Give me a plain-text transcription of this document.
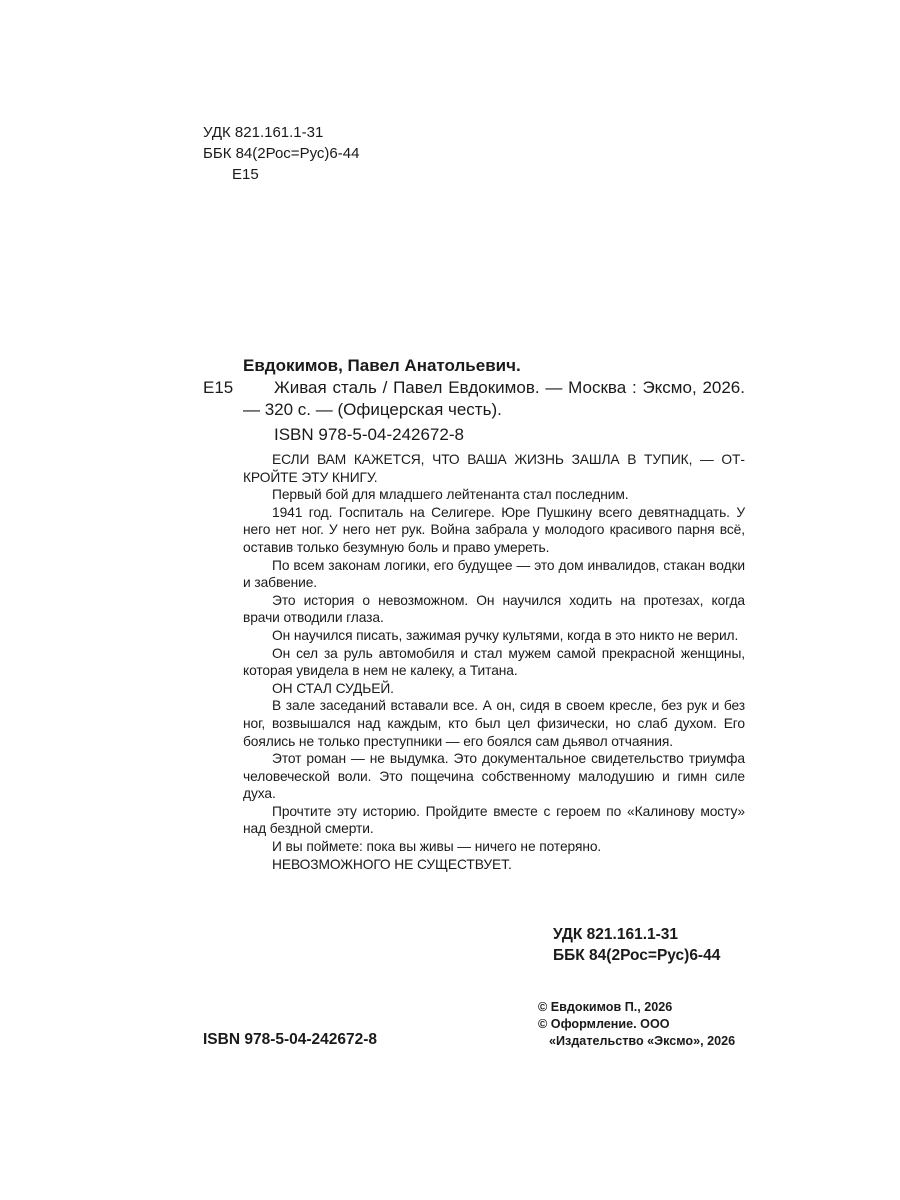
УДК 821.161.1-31
ББК 84(2Рос=Рус)6-44
Е15
Евдокимов, Павел Анатольевич.
Е15	Живая сталь / Павел Евдокимов. — Москва : Эксмо, 2026. — 320 с. — (Офицерская честь).
ISBN 978-5-04-242672-8

ЕСЛИ ВАМ КАЖЕТСЯ, ЧТО ВАША ЖИЗНЬ ЗАШЛА В ТУПИК, — ОТКРОЙТЕ ЭТУ КНИГУ.

Первый бой для младшего лейтенанта стал последним.

1941 год. Госпиталь на Селигере. Юре Пушкину всего девятнадцать. У него нет ног. У него нет рук. Война забрала у молодого красивого парня всё, оставив только безумную боль и право умереть.

По всем законам логики, его будущее — это дом инвалидов, стакан водки и забвение.

Это история о невозможном. Он научился ходить на протезах, когда врачи отводили глаза.

Он научился писать, зажимая ручку культями, когда в это никто не верил.

Он сел за руль автомобиля и стал мужем самой прекрасной женщины, которая увидела в нем не калеку, а Титана.

ОН СТАЛ СУДЬЕЙ.

В зале заседаний вставали все. А он, сидя в своем кресле, без рук и без ног, возвышался над каждым, кто был цел физически, но слаб духом. Его боялись не только преступники — его боялся сам дьявол отчаяния.

Этот роман — не выдумка. Это документальное свидетельство триумфа человеческой воли. Это пощечина собственному малодушию и гимн силе духа.

Прочтите эту историю. Пройдите вместе с героем по «Калинову мосту» над бездной смерти.

И вы поймете: пока вы живы — ничего не потеряно.

НЕВОЗМОЖНОГО НЕ СУЩЕСТВУЕТ.

УДК 821.161.1-31
ББК 84(2Рос=Рус)6-44
© Евдокимов П., 2026
© Оформление. ООО
«Издательство «Эксмо», 2026
ISBN 978-5-04-242672-8
